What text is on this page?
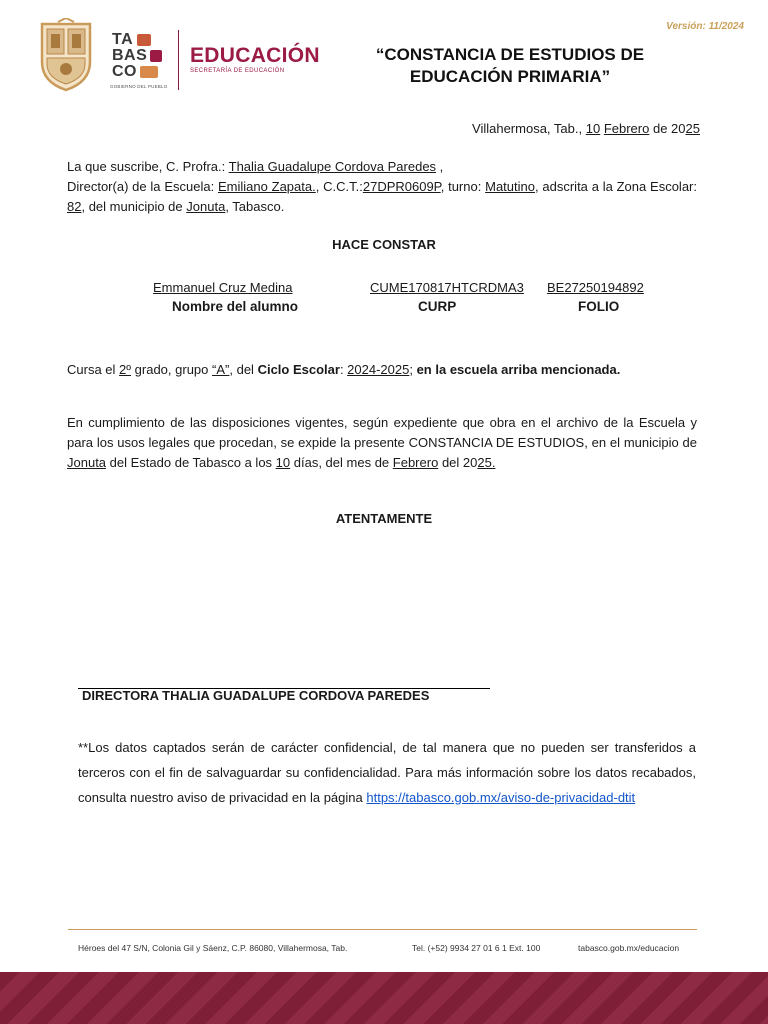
Versión: 11/2024
TA
BAS
CO
GOBIERNO DEL PUEBLO
EDUCACIÓN
SECRETARÍA DE EDUCACIÓN
“CONSTANCIA DE ESTUDIOS DE
EDUCACIÓN PRIMARIA”
Villahermosa, Tab., 10 Febrero de 2025
La que suscribe, C. Profra.: Thalia Guadalupe Cordova Paredes ,
Director(a) de la Escuela: Emiliano Zapata., C.C.T.:27DPR0609P, turno: Matutino, adscrita a la Zona Escolar: 82, del municipio de Jonuta, Tabasco.
HACE CONSTAR
Emmanuel Cruz Medina	CUME170817HTCRDMA3 BE27250194892
Nombre del alumno	CURP	FOLIO
Cursa el 2º grado, grupo “A”, del Ciclo Escolar: 2024-2025; en la escuela arriba mencionada.
En cumplimiento de las disposiciones vigentes, según expediente que obra en el archivo de la Escuela y para los usos legales que procedan, se expide la presente CONSTANCIA DE ESTUDIOS, en el municipio de Jonuta del Estado de Tabasco a los 10 días, del mes de Febrero del 2025.
ATENTAMENTE
DIRECTORA THALIA GUADALUPE CORDOVA PAREDES
**Los datos captados serán de carácter confidencial, de tal manera que no pueden ser transferidos a terceros con el fin de salvaguardar su confidencialidad. Para más información sobre los datos recabados, consulta nuestro aviso de privacidad en la página https://tabasco.gob.mx/aviso-de-privacidad-dtit
Héroes del 47 S/N, Colonia Gil y Sáenz, C.P. 86080, Villahermosa, Tab.	Tel. (+52) 9934 27 01 6 1 Ext. 100	tabasco.gob.mx/educacion
